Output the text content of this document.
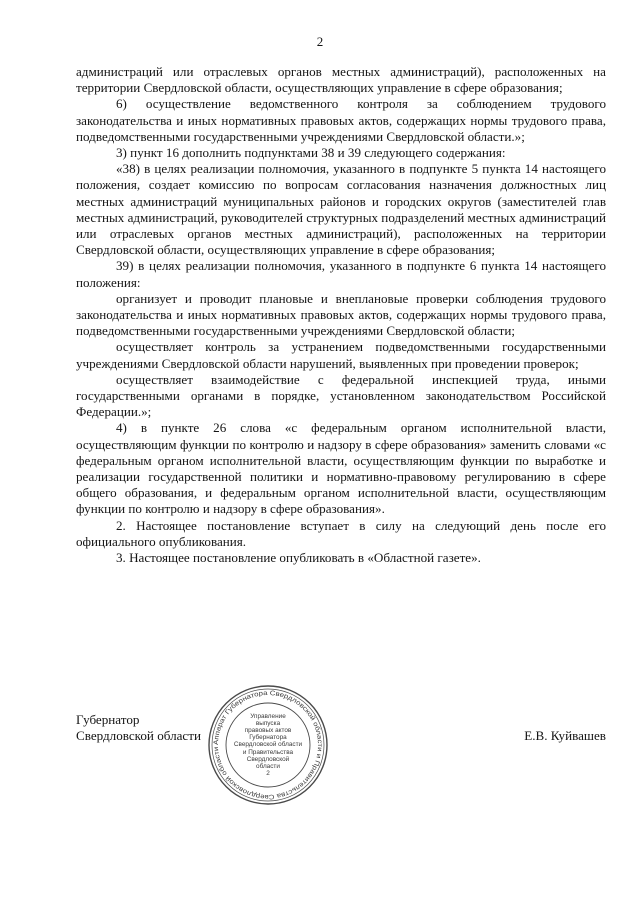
2

администраций или отраслевых органов местных администраций), расположенных на территории Свердловской области, осуществляющих управление в сфере образования;

6) осуществление ведомственного контроля за соблюдением трудового законодательства и иных нормативных правовых актов, содержащих нормы трудового права, подведомственными государственными учреждениями Свердловской области.»;

3) пункт 16 дополнить подпунктами 38 и 39 следующего содержания:

«38) в целях реализации полномочия, указанного в подпункте 5 пункта 14 настоящего положения, создает комиссию по вопросам согласования назначения должностных лиц местных администраций муниципальных районов и городских округов (заместителей глав местных администраций, руководителей структурных подразделений местных администраций или отраслевых органов местных администраций), расположенных на территории Свердловской области, осуществляющих управление в сфере образования;

39) в целях реализации полномочия, указанного в подпункте 6 пункта 14 настоящего положения:

организует и проводит плановые и внеплановые проверки соблюдения трудового законодательства и иных нормативных правовых актов, содержащих нормы трудового права, подведомственными государственными учреждениями Свердловской области;

осуществляет контроль за устранением подведомственными государственными учреждениями Свердловской области нарушений, выявленных при проведении проверок;

осуществляет взаимодействие с федеральной инспекцией труда, иными государственными органами в порядке, установленном законодательством Российской Федерации.»;

4) в пункте 26 слова «с федеральным органом исполнительной власти, осуществляющим функции по контролю и надзору в сфере образования» заменить словами «с федеральным органом исполнительной власти, осуществляющим функции по выработке и реализации государственной политики и нормативно-правовому регулированию в сфере общего образования, и федеральным органом исполнительной власти, осуществляющим функции по контролю и надзору в сфере образования».

2. Настоящее постановление вступает в силу на следующий день после его официального опубликования.

3. Настоящее постановление опубликовать в «Областной газете».

Губернатор
Свердловской области	Е.В. Куйвашев
Аппарат Губернатора Свердловской области и Правительства Свердловской области
Управление
выпуска
правовых актов
Губернатора
Свердловской области
и Правительства
Свердловской
области
2
